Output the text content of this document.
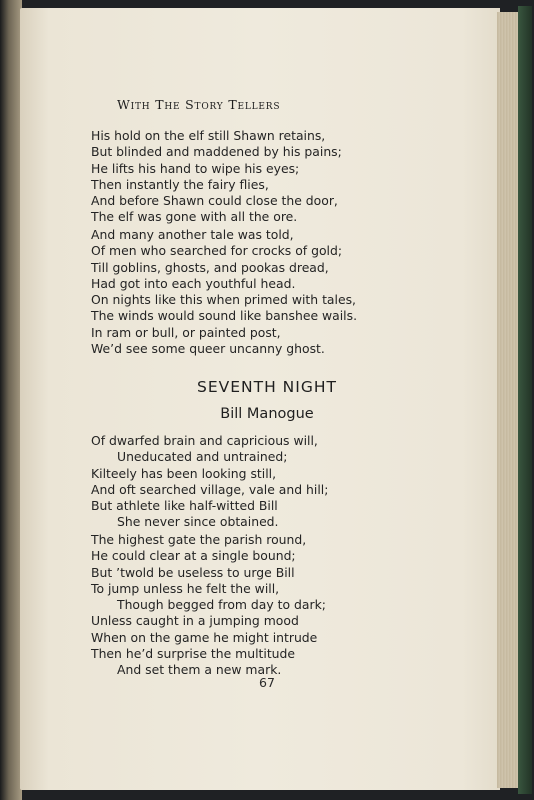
With The Story Tellers
His hold on the elf still Shawn retains,
But blinded and maddened by his pains;
He lifts his hand to wipe his eyes;
Then instantly the fairy flies,
And before Shawn could close the door,
The elf was gone with all the ore.
And many another tale was told,
Of men who searched for crocks of gold;
Till goblins, ghosts, and pookas dread,
Had got into each youthful head.
On nights like this when primed with tales,
The winds would sound like banshee wails.
In ram or bull, or painted post,
We’d see some queer uncanny ghost.
SEVENTH NIGHT
Bill Manogue
Of dwarfed brain and capricious will,
Uneducated and untrained;
Kilteely has been looking still,
And oft searched village, vale and hill;
But athlete like half-witted Bill
She never since obtained.
The highest gate the parish round,
He could clear at a single bound;
But ’twold be useless to urge Bill
To jump unless he felt the will,
Though begged from day to dark;
Unless caught in a jumping mood
When on the game he might intrude
Then he’d surprise the multitude
And set them a new mark.
67
